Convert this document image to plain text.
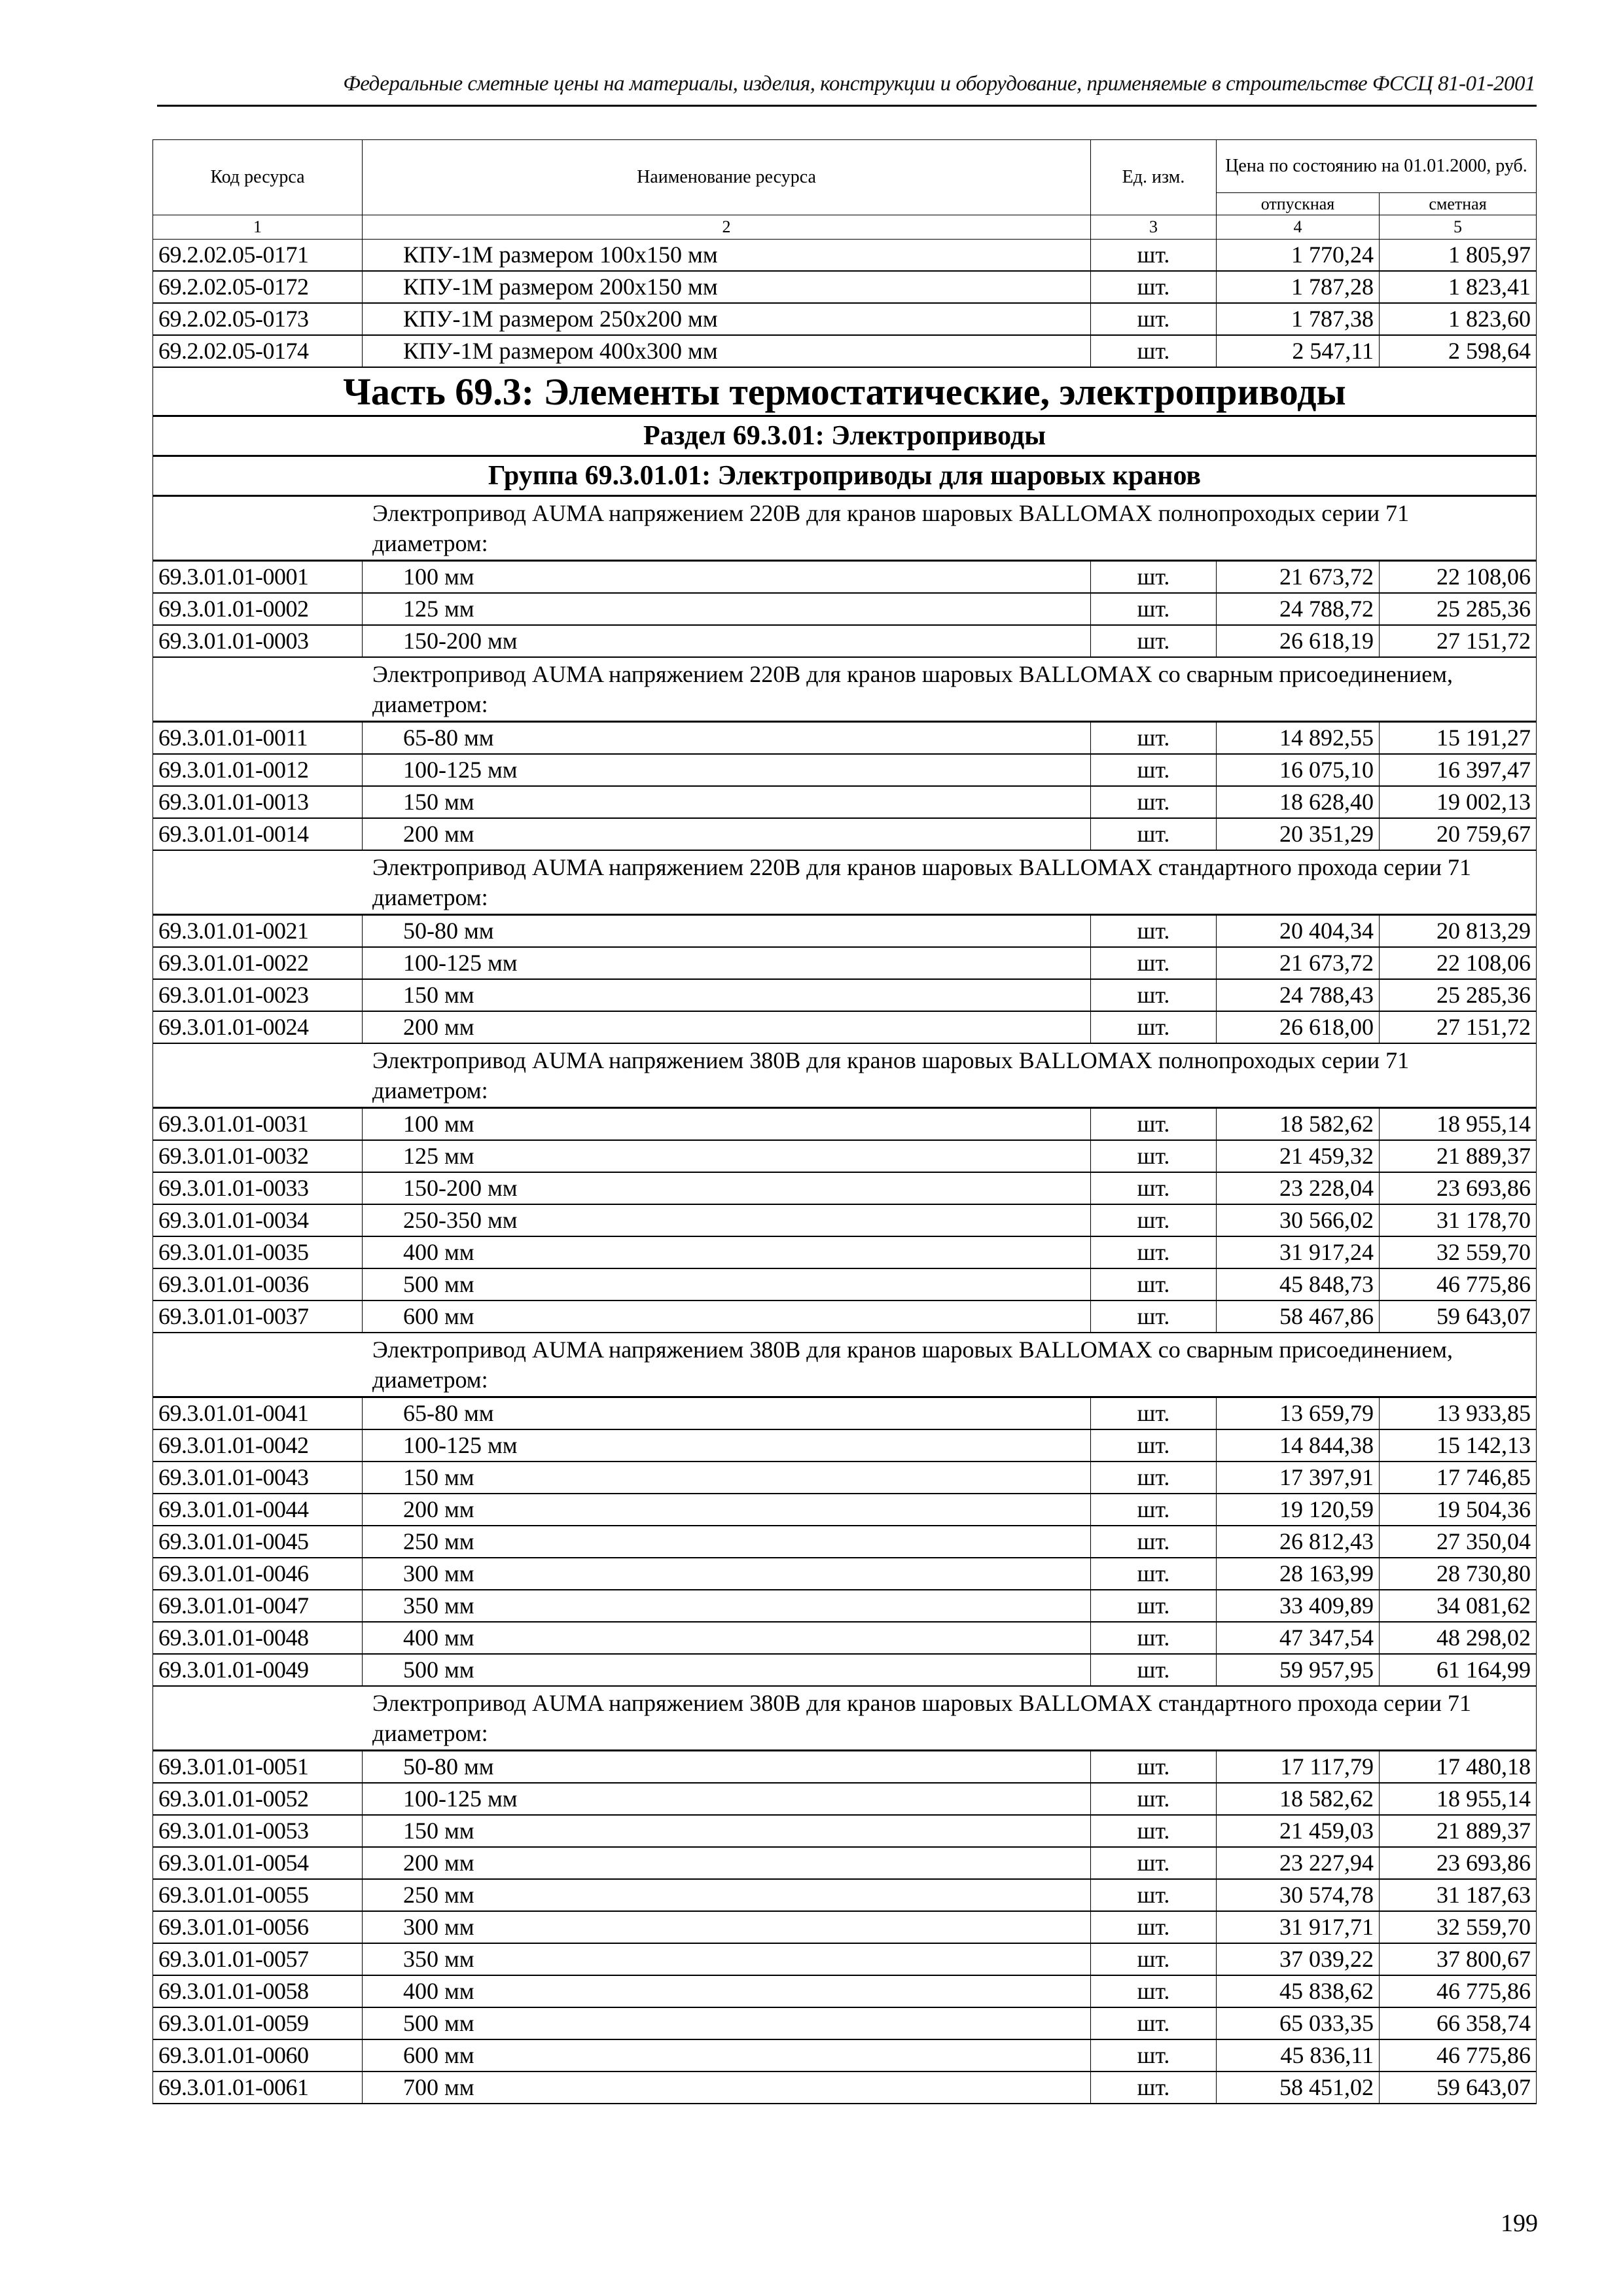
Федеральные сметные цены на материалы, изделия, конструкции и оборудование, применяемые в строительстве ФССЦ 81-01-2001
Код ресурса	Наименование ресурса	Ед. изм.	Цена по состоянию на 01.01.2000, руб.	
			отпускная	сметная
1	2	3	4	5
69.2.02.05-0171	КПУ-1М размером 100х150 мм	шт.	1 770,24	1 805,97
69.2.02.05-0172	КПУ-1М размером 200х150 мм	шт.	1 787,28	1 823,41
69.2.02.05-0173	КПУ-1М размером 250х200 мм	шт.	1 787,38	1 823,60
69.2.02.05-0174	КПУ-1М размером 400х300 мм	шт.	2 547,11	2 598,64
Часть 69.3: Элементы термостатические, электроприводы				
Раздел 69.3.01: Электроприводы				
Группа 69.3.01.01: Электроприводы для шаровых кранов				
Электропривод AUMA напряжением 220В для кранов шаровых BALLOMAX полнопроходых серии 71 диаметром:				
69.3.01.01-0001	100 мм	шт.	21 673,72	22 108,06
69.3.01.01-0002	125 мм	шт.	24 788,72	25 285,36
69.3.01.01-0003	150-200 мм	шт.	26 618,19	27 151,72
Электропривод AUMA напряжением 220В для кранов шаровых BALLOMAX со сварным присоединением, диаметром:				
69.3.01.01-0011	65-80 мм	шт.	14 892,55	15 191,27
69.3.01.01-0012	100-125 мм	шт.	16 075,10	16 397,47
69.3.01.01-0013	150 мм	шт.	18 628,40	19 002,13
69.3.01.01-0014	200 мм	шт.	20 351,29	20 759,67
Электропривод AUMA напряжением 220В для кранов шаровых BALLOMAX стандартного прохода серии 71 диаметром:				
69.3.01.01-0021	50-80 мм	шт.	20 404,34	20 813,29
69.3.01.01-0022	100-125 мм	шт.	21 673,72	22 108,06
69.3.01.01-0023	150 мм	шт.	24 788,43	25 285,36
69.3.01.01-0024	200 мм	шт.	26 618,00	27 151,72
Электропривод AUMA напряжением 380В для кранов шаровых BALLOMAX полнопроходых серии 71 диаметром:				
69.3.01.01-0031	100 мм	шт.	18 582,62	18 955,14
69.3.01.01-0032	125 мм	шт.	21 459,32	21 889,37
69.3.01.01-0033	150-200 мм	шт.	23 228,04	23 693,86
69.3.01.01-0034	250-350 мм	шт.	30 566,02	31 178,70
69.3.01.01-0035	400 мм	шт.	31 917,24	32 559,70
69.3.01.01-0036	500 мм	шт.	45 848,73	46 775,86
69.3.01.01-0037	600 мм	шт.	58 467,86	59 643,07
Электропривод AUMA напряжением 380В для кранов шаровых BALLOMAX со сварным присоединением, диаметром:				
69.3.01.01-0041	65-80 мм	шт.	13 659,79	13 933,85
69.3.01.01-0042	100-125 мм	шт.	14 844,38	15 142,13
69.3.01.01-0043	150 мм	шт.	17 397,91	17 746,85
69.3.01.01-0044	200 мм	шт.	19 120,59	19 504,36
69.3.01.01-0045	250 мм	шт.	26 812,43	27 350,04
69.3.01.01-0046	300 мм	шт.	28 163,99	28 730,80
69.3.01.01-0047	350 мм	шт.	33 409,89	34 081,62
69.3.01.01-0048	400 мм	шт.	47 347,54	48 298,02
69.3.01.01-0049	500 мм	шт.	59 957,95	61 164,99
Электропривод AUMA напряжением 380В для кранов шаровых BALLOMAX стандартного прохода серии 71 диаметром:				
69.3.01.01-0051	50-80 мм	шт.	17 117,79	17 480,18
69.3.01.01-0052	100-125 мм	шт.	18 582,62	18 955,14
69.3.01.01-0053	150 мм	шт.	21 459,03	21 889,37
69.3.01.01-0054	200 мм	шт.	23 227,94	23 693,86
69.3.01.01-0055	250 мм	шт.	30 574,78	31 187,63
69.3.01.01-0056	300 мм	шт.	31 917,71	32 559,70
69.3.01.01-0057	350 мм	шт.	37 039,22	37 800,67
69.3.01.01-0058	400 мм	шт.	45 838,62	46 775,86
69.3.01.01-0059	500 мм	шт.	65 033,35	66 358,74
69.3.01.01-0060	600 мм	шт.	45 836,11	46 775,86
69.3.01.01-0061	700 мм	шт.	58 451,02	59 643,07
199
